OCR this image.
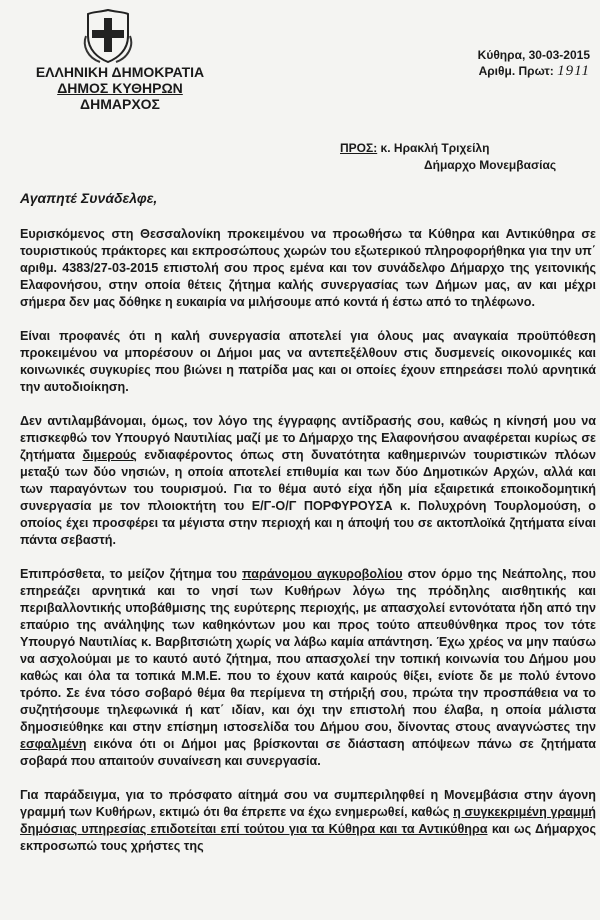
ΕΛΛΗΝΙΚΗ ΔΗΜΟΚΡΑΤΙΑ
ΔΗΜΟΣ ΚΥΘΗΡΩΝ
ΔΗΜΑΡΧΟΣ
Κύθηρα, 30-03-2015
Αριθμ. Πρωτ: 1911
ΠΡΟΣ: κ. Ηρακλή Τριχείλη
Δήμαρχο Μονεμβασίας
Αγαπητέ Συνάδελφε,

Ευρισκόμενος στη Θεσσαλονίκη προκειμένου να προωθήσω τα Κύθηρα και Αντικύθηρα σε τουριστικούς πράκτορες και εκπροσώπους χωρών του εξωτερικού πληροφορήθηκα για την υπ΄ αριθμ. 4383/27-03-2015 επιστολή σου προς εμένα και τον συνάδελφο Δήμαρχο της γειτονικής Ελαφονήσου, στην οποία θέτεις ζήτημα καλής συνεργασίας των Δήμων μας, αν και μέχρι σήμερα δεν μας δόθηκε η ευκαιρία να μιλήσουμε από κοντά ή έστω από το τηλέφωνο.

Είναι προφανές ότι η καλή συνεργασία αποτελεί για όλους μας αναγκαία προϋπόθεση προκειμένου να μπορέσουν οι Δήμοι μας να αντεπεξέλθουν στις δυσμενείς οικονομικές και κοινωνικές συγκυρίες που βιώνει η πατρίδα μας και οι οποίες έχουν επηρεάσει πολύ αρνητικά την αυτοδιοίκηση.

Δεν αντιλαμβάνομαι, όμως, τον λόγο της έγγραφης αντίδρασής σου, καθώς η κίνησή μου να επισκεφθώ τον Υπουργό Ναυτιλίας μαζί με το Δήμαρχο της Ελαφονήσου αναφέρεται κυρίως σε ζητήματα διμερούς ενδιαφέροντος όπως στη δυνατότητα καθημερινών τουριστικών πλόων μεταξύ των δύο νησιών, η οποία αποτελεί επιθυμία και των δύο Δημοτικών Αρχών, αλλά και των παραγόντων του τουρισμού. Για το θέμα αυτό είχα ήδη μία εξαιρετικά εποικοδομητική συνεργασία με τον πλοιοκτήτη του Ε/Γ-Ο/Γ ΠΟΡΦΥΡΟΥΣΑ κ. Πολυχρόνη Τουρλομούση, ο οποίος έχει προσφέρει τα μέγιστα στην περιοχή και η άποψή του σε ακτοπλοϊκά ζητήματα είναι πάντα σεβαστή.

Επιπρόσθετα, το μείζον ζήτημα του παράνομου αγκυροβολίου στον όρμο της Νεάπολης, που επηρεάζει αρνητικά και το νησί των Κυθήρων λόγω της πρόδηλης αισθητικής και περιβαλλοντικής υποβάθμισης της ευρύτερης περιοχής, με απασχολεί εντονότατα ήδη από την επαύριο της ανάληψης των καθηκόντων μου και προς τούτο απευθύνθηκα προς τον τότε Υπουργό Ναυτιλίας κ. Βαρβιτσιώτη χωρίς να λάβω καμία απάντηση. Έχω χρέος να μην παύσω να ασχολούμαι με το καυτό αυτό ζήτημα, που απασχολεί την τοπική κοινωνία του Δήμου μου καθώς και όλα τα τοπικά Μ.Μ.Ε. που το έχουν κατά καιρούς θίξει, ενίοτε δε με πολύ έντονο τρόπο. Σε ένα τόσο σοβαρό θέμα θα περίμενα τη στήριξή σου, πρώτα την προσπάθεια να το συζητήσουμε τηλεφωνικά ή κατ΄ ιδίαν, και όχι την επιστολή που έλαβα, η οποία μάλιστα δημοσιεύθηκε και στην επίσημη ιστοσελίδα του Δήμου σου, δίνοντας στους αναγνώστες την εσφαλμένη εικόνα ότι οι Δήμοι μας βρίσκονται σε διάσταση απόψεων πάνω σε ζητήματα σοβαρά που απαιτούν συναίνεση και συνεργασία.

Για παράδειγμα, για το πρόσφατο αίτημά σου να συμπεριληφθεί η Μονεμβάσια στην άγονη γραμμή των Κυθήρων, εκτιμώ ότι θα έπρεπε να έχω ενημερωθεί, καθώς η συγκεκριμένη γραμμή δημόσιας υπηρεσίας επιδοτείται επί τούτου για τα Κύθηρα και τα Αντικύθηρα και ως Δήμαρχος εκπροσωπώ τους χρήστες της
